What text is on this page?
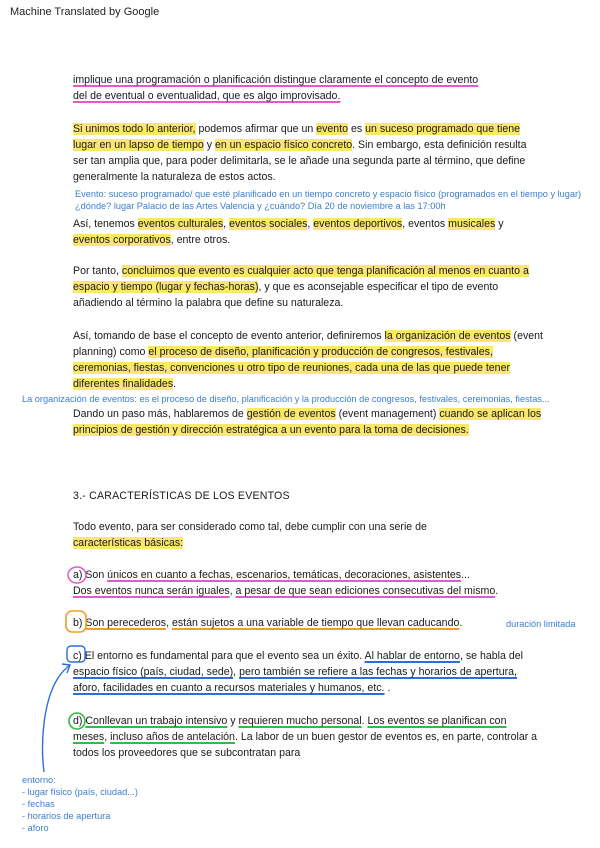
Machine Translated by Google

implique una programación o planificación distingue claramente el concepto de evento
del de eventual o eventualidad, que es algo improvisado.

Si unimos todo lo anterior, podemos afirmar que un evento es un suceso programado que tiene lugar en un lapso de tiempo y en un espacio físico concreto. Sin embargo, esta definición resulta ser tan amplia que, para poder delimitarla, se le añade una segunda parte al término, que define generalmente la naturaleza de estos actos.

Evento: suceso programado/ que esté planificado en un tiempo concreto y espacio físico (programados en el tiempo y lugar) ¿dónde? lugar Palacio de las Artes Valencia y ¿cuándo? Día 20 de noviembre a las 17:00h

Así, tenemos eventos culturales, eventos sociales, eventos deportivos, eventos musicales y eventos corporativos, entre otros.

Por tanto, concluimos que evento es cualquier acto que tenga planificación al menos en cuanto a espacio y tiempo (lugar y fechas-horas), y que es aconsejable especificar el tipo de evento añadiendo al término la palabra que define su naturaleza.

Así, tomando de base el concepto de evento anterior, definiremos la organización de eventos (event planning) como el proceso de diseño, planificación y producción de congresos, festivales, ceremonias, fiestas, convenciones u otro tipo de reuniones, cada una de las que puede tener diferentes finalidades.

La organización de eventos: es el proceso de diseño, planificación y la producción de congresos, festivales, ceremonias, fiestas...

Dando un paso más, hablaremos de gestión de eventos (event management) cuando se aplican los principios de gestión y dirección estratégica a un evento para la toma de decisiones.

3.- CARACTERÍSTICAS DE LOS EVENTOS

Todo evento, para ser considerado como tal, debe cumplir con una serie de
características básicas:

a) Son únicos en cuanto a fechas, escenarios, temáticas, decoraciones, asistentes...
Dos eventos nunca serán iguales, a pesar de que sean ediciones consecutivas del mismo.

b) Son perecederos, están sujetos a una variable de tiempo que llevan caducando.	duración limitada

c) El entorno es fundamental para que el evento sea un éxito. Al hablar de entorno, se habla del espacio físico (país, ciudad, sede), pero también se refiere a las fechas y horarios de apertura, aforo, facilidades en cuanto a recursos materiales y humanos, etc. .

d) Conllevan un trabajo intensivo y requieren mucho personal. Los eventos se planifican con meses, incluso años de antelación. La labor de un buen gestor de eventos es, en parte, controlar a todos los proveedores que se subcontratan para

entorno:
- lugar físico (país, ciudad...)
- fechas
- horarios de apertura
- aforo
